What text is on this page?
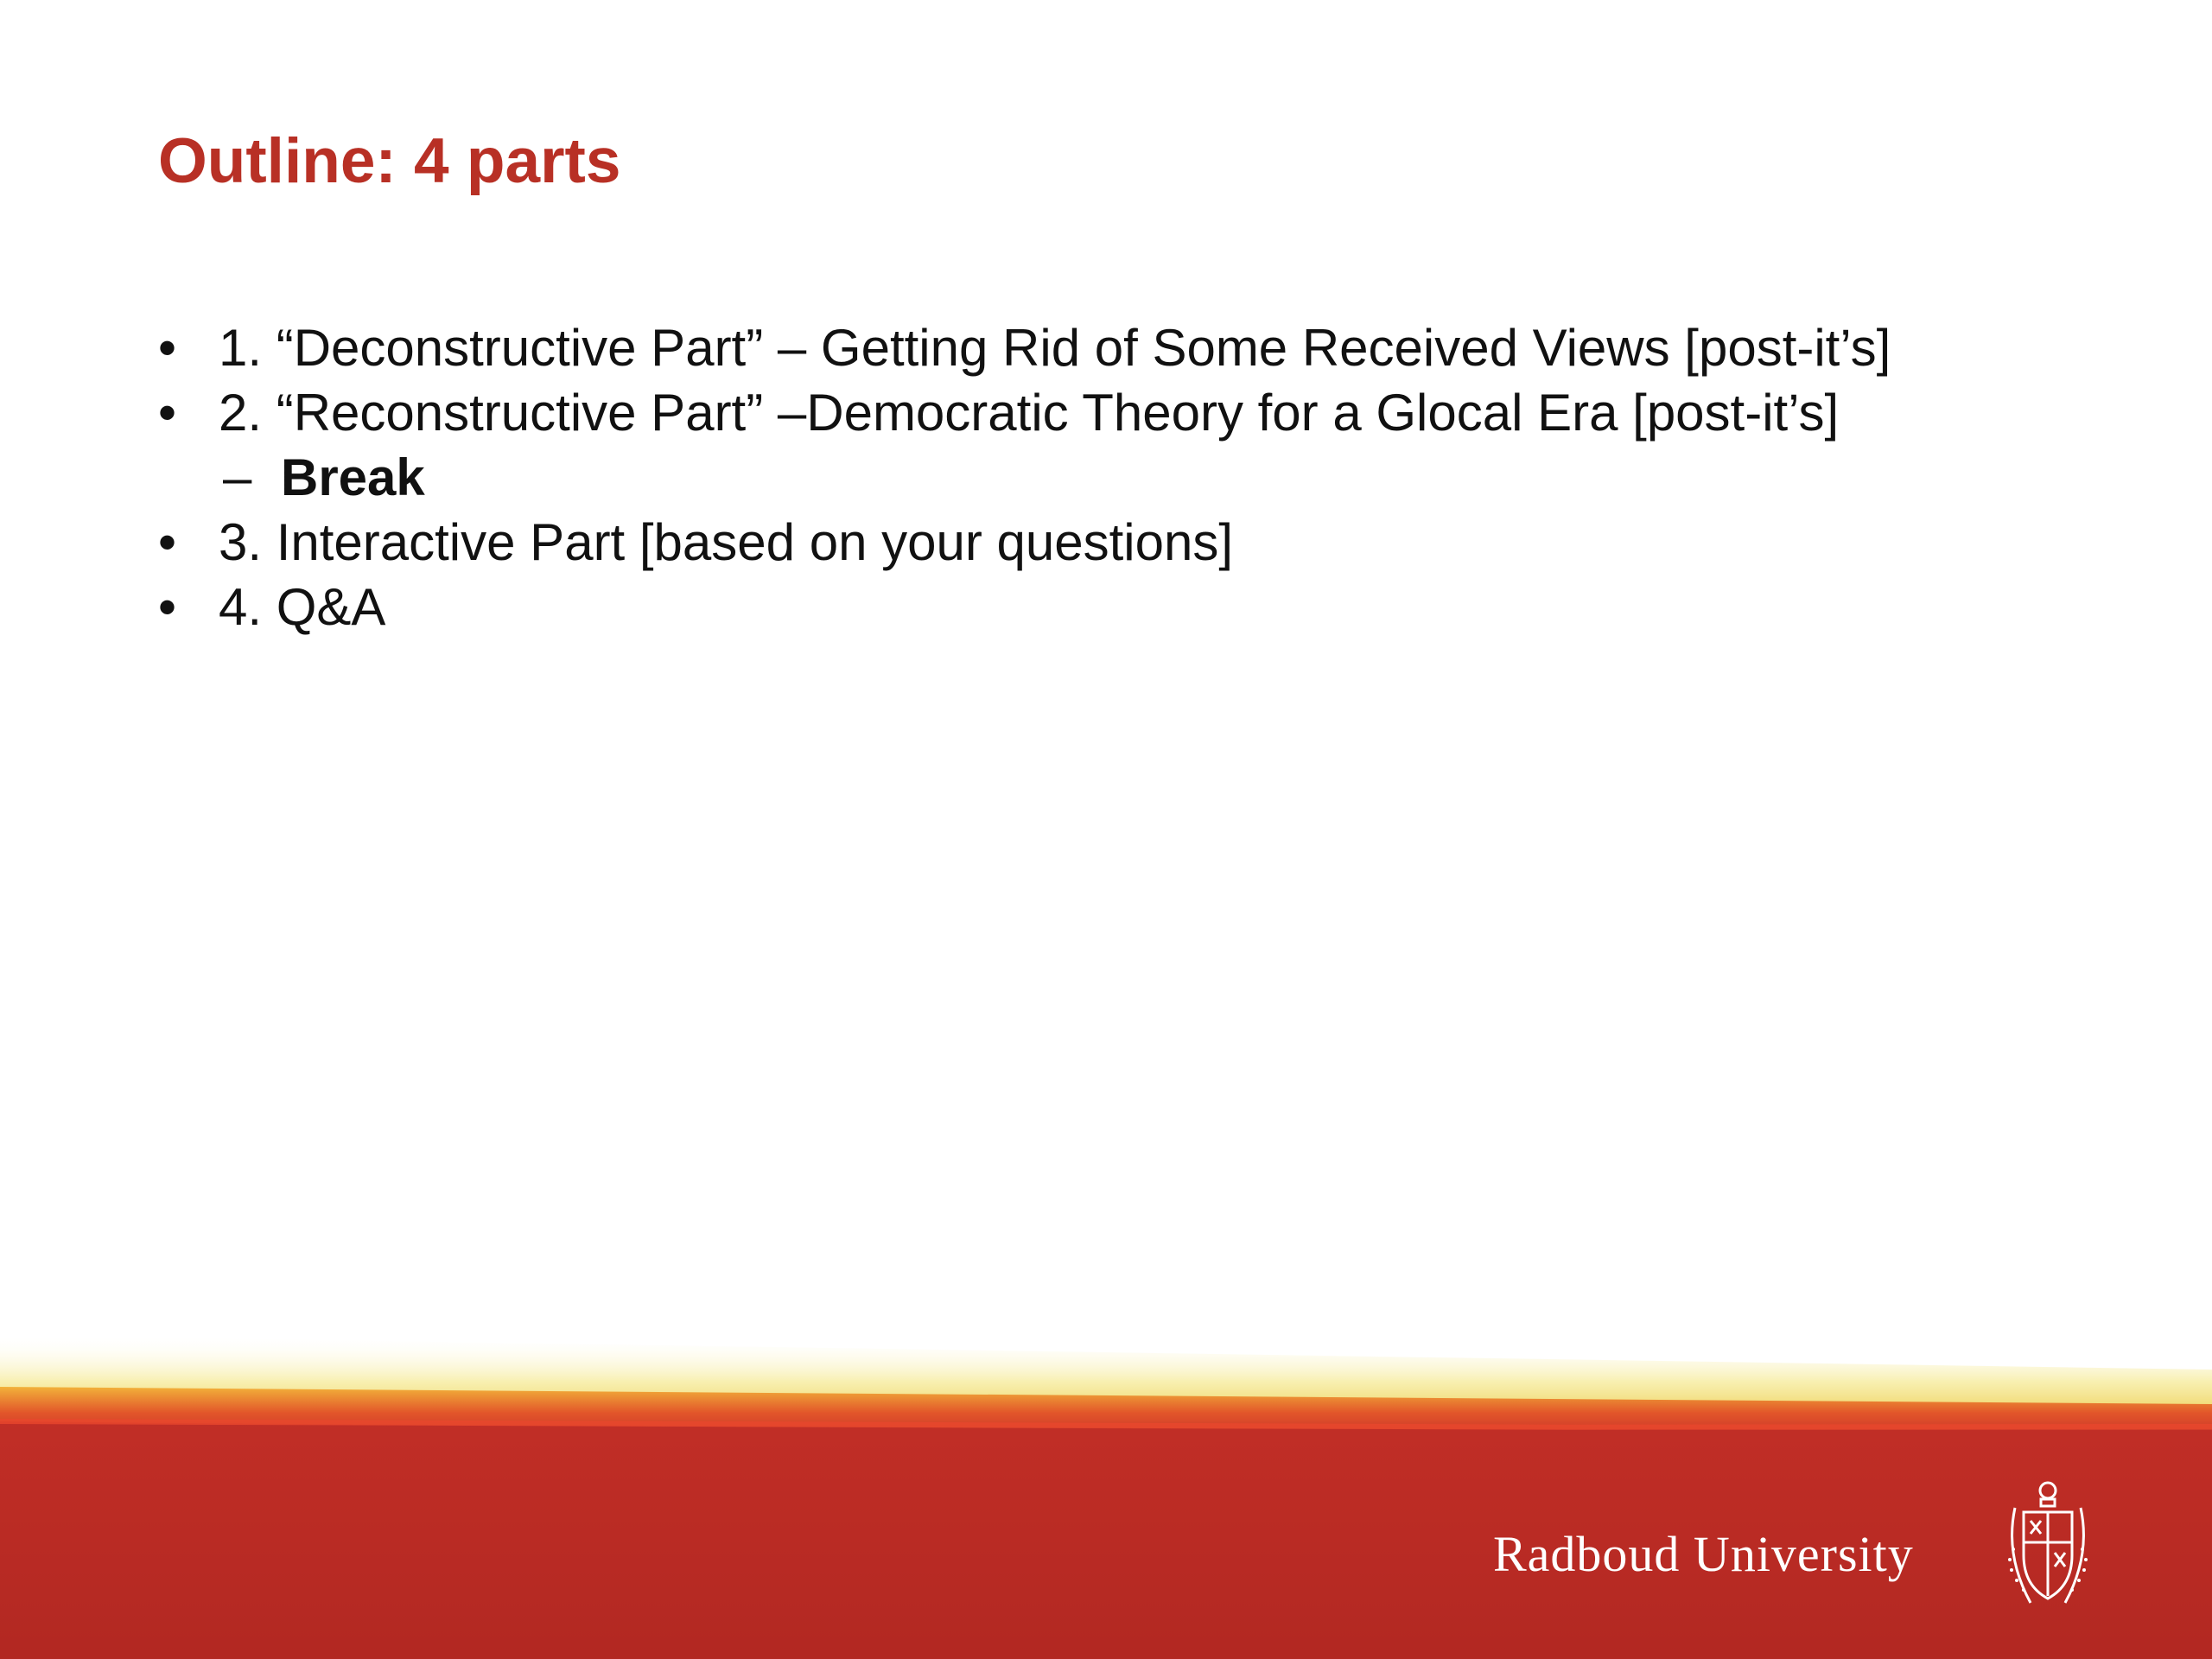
Outline: 4 parts
• 1. “Deconstructive Part” – Getting Rid of Some Received Views [post-it’s]
• 2. “Reconstructive Part” –Democratic Theory for a Glocal Era [post-it’s]
– Break
• 3. Interactive Part [based on your questions]
• 4. Q&A
Radboud University
